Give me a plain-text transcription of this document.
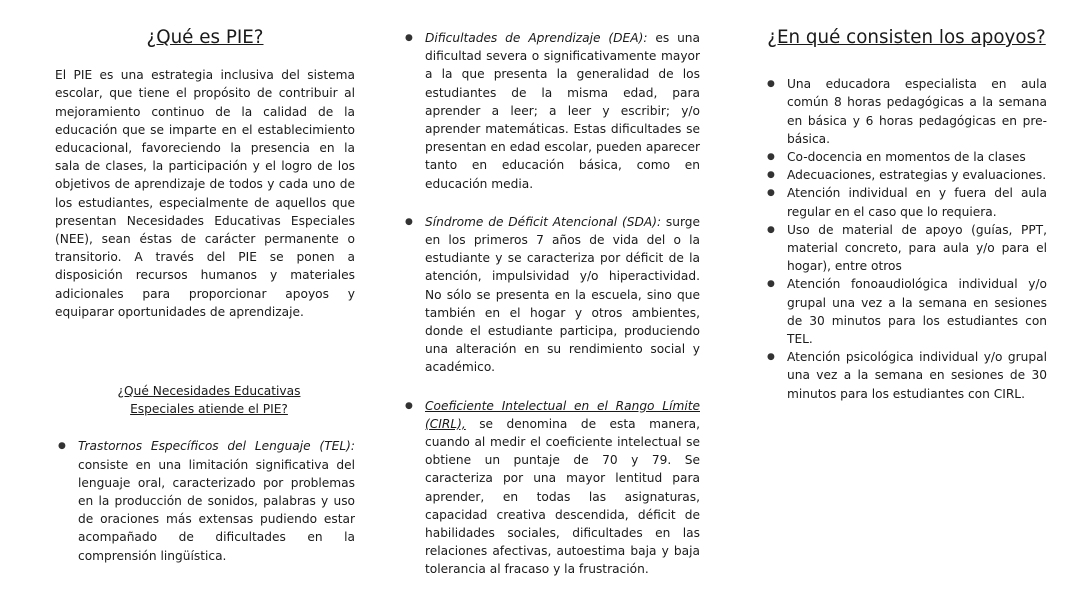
¿Qué es PIE?

El PIE es una estrategia inclusiva del sistema escolar, que tiene el propósito de contribuir al mejoramiento continuo de la calidad de la educación que se imparte en el establecimiento educacional, favoreciendo la presencia en la sala de clases, la participación y el logro de los objetivos de aprendizaje de todos y cada uno de los estudiantes, especialmente de aquellos que presentan Necesidades Educativas Especiales (NEE), sean éstas de carácter permanente o transitorio. A través del PIE se ponen a disposición recursos humanos y materiales adicionales para proporcionar apoyos y equiparar oportunidades de aprendizaje.

¿Qué Necesidades Educativas
Especiales atiende el PIE?
● Trastornos Específicos del Lenguaje (TEL): consiste en una limitación significativa del lenguaje oral, caracterizado por problemas en la producción de sonidos, palabras y uso de oraciones más extensas pudiendo estar acompañado de dificultades en la comprensión lingüística.
● Dificultades de Aprendizaje (DEA): es una dificultad severa o significativamente mayor a la que presenta la generalidad de los estudiantes de la misma edad, para aprender a leer; a leer y escribir; y/o aprender matemáticas. Estas dificultades se presentan en edad escolar, pueden aparecer tanto en educación básica, como en educación media.
● Síndrome de Déficit Atencional (SDA): surge en los primeros 7 años de vida del o la estudiante y se caracteriza por déficit de la atención, impulsividad y/o hiperactividad. No sólo se presenta en la escuela, sino que también en el hogar y otros ambientes, donde el estudiante participa, produciendo una alteración en su rendimiento social y académico.
● Coeficiente Intelectual en el Rango Límite (CIRL), se denomina de esta manera, cuando al medir el coeficiente intelectual se obtiene un puntaje de 70 y 79. Se caracteriza por una mayor lentitud para aprender, en todas las asignaturas, capacidad creativa descendida, déficit de habilidades sociales, dificultades en las relaciones afectivas, autoestima baja y baja tolerancia al fracaso y la frustración.
¿En qué consisten los apoyos?
● Una educadora especialista en aula común 8 horas pedagógicas a la semana en básica y 6 horas pedagógicas en pre-básica.
● Co-docencia en momentos de la clases
● Adecuaciones, estrategias y evaluaciones.
● Atención individual en y fuera del aula regular en el caso que lo requiera.
● Uso de material de apoyo (guías, PPT, material concreto, para aula y/o para el hogar), entre otros
● Atención fonoaudiológica individual y/o grupal una vez a la semana en sesiones de 30 minutos para los estudiantes con TEL.
● Atención psicológica individual y/o grupal una vez a la semana en sesiones de 30 minutos para los estudiantes con CIRL.
